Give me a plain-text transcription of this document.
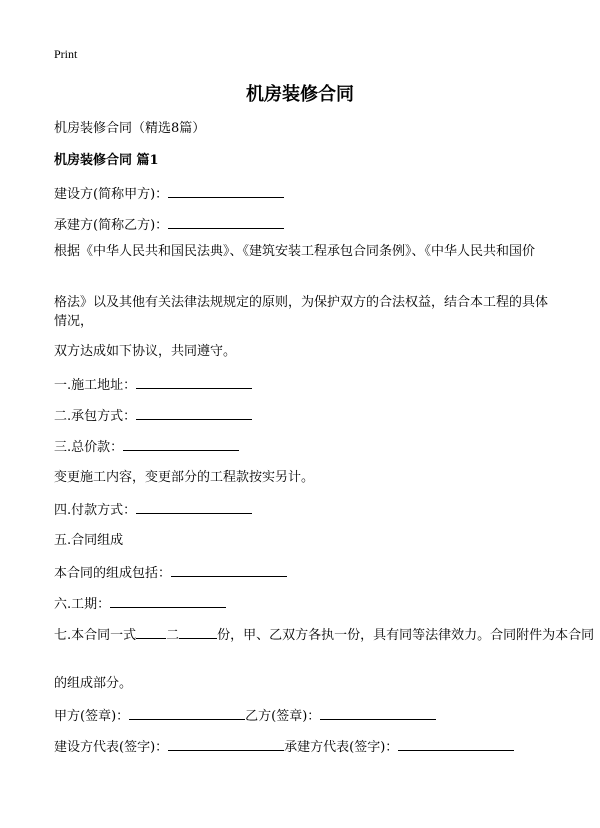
Print
机房装修合同
机房装修合同（精选8篇）
机房装修合同 篇1
建设方(简称甲方)：
承建方(简称乙方)：
根据《中华人民共和国民法典》、《建筑安装工程承包合同条例》、《中华人民共和国价
格法》以及其他有关法律法规规定的原则，为保护双方的合法权益，结合本工程的具体情况，
双方达成如下协议，共同遵守。
一.施工地址：
二.承包方式：
三.总价款：
变更施工内容，变更部分的工程款按实另计。
四.付款方式：
五.合同组成
本合同的组成包括：
六.工期：
七.本合同一式 二	份，甲、乙双方各执一份，具有同等法律效力。合同附件为本合同
的组成部分。
甲方(签章)：	乙方(签章)：
建设方代表(签字)：	承建方代表(签字)：
